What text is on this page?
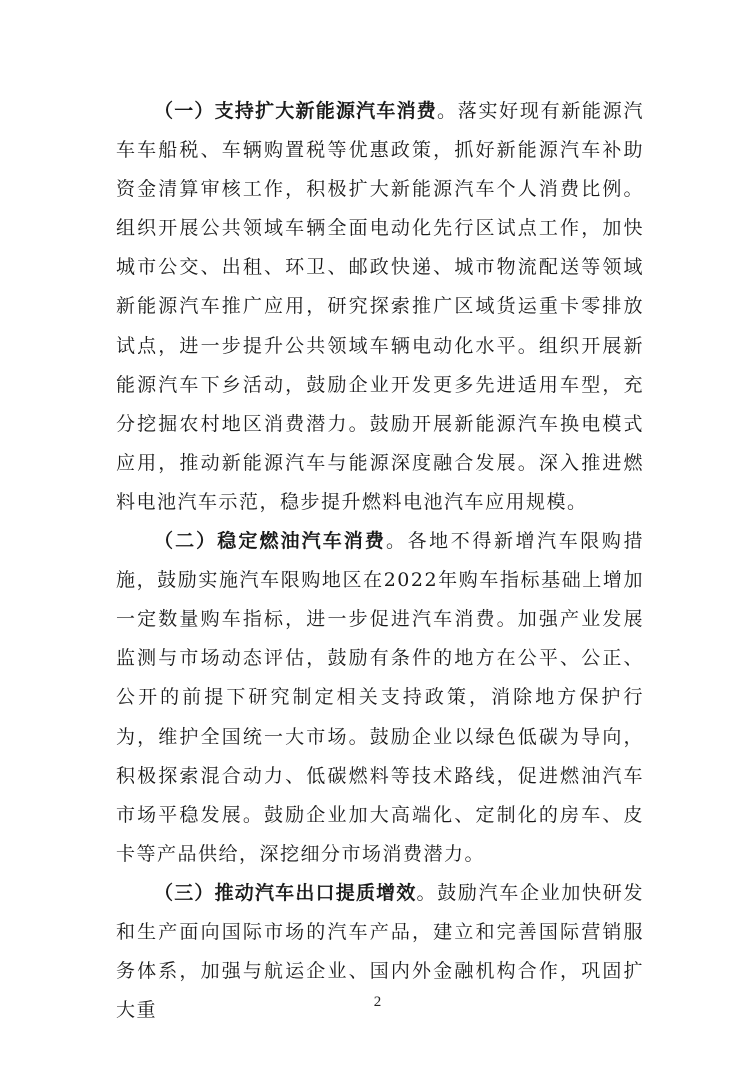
（一）支持扩大新能源汽车消费。落实好现有新能源汽车车船税、车辆购置税等优惠政策，抓好新能源汽车补助资金清算审核工作，积极扩大新能源汽车个人消费比例。组织开展公共领域车辆全面电动化先行区试点工作，加快城市公交、出租、环卫、邮政快递、城市物流配送等领域新能源汽车推广应用，研究探索推广区域货运重卡零排放试点，进一步提升公共领域车辆电动化水平。组织开展新能源汽车下乡活动，鼓励企业开发更多先进适用车型，充分挖掘农村地区消费潜力。鼓励开展新能源汽车换电模式应用，推动新能源汽车与能源深度融合发展。深入推进燃料电池汽车示范，稳步提升燃料电池汽车应用规模。

（二）稳定燃油汽车消费。各地不得新增汽车限购措施，鼓励实施汽车限购地区在2022年购车指标基础上增加一定数量购车指标，进一步促进汽车消费。加强产业发展监测与市场动态评估，鼓励有条件的地方在公平、公正、公开的前提下研究制定相关支持政策，消除地方保护行为，维护全国统一大市场。鼓励企业以绿色低碳为导向，积极探索混合动力、低碳燃料等技术路线，促进燃油汽车市场平稳发展。鼓励企业加大高端化、定制化的房车、皮卡等产品供给，深挖细分市场消费潜力。

（三）推动汽车出口提质增效。鼓励汽车企业加快研发和生产面向国际市场的汽车产品，建立和完善国际营销服务体系，加强与航运企业、国内外金融机构合作，巩固扩大重	2
